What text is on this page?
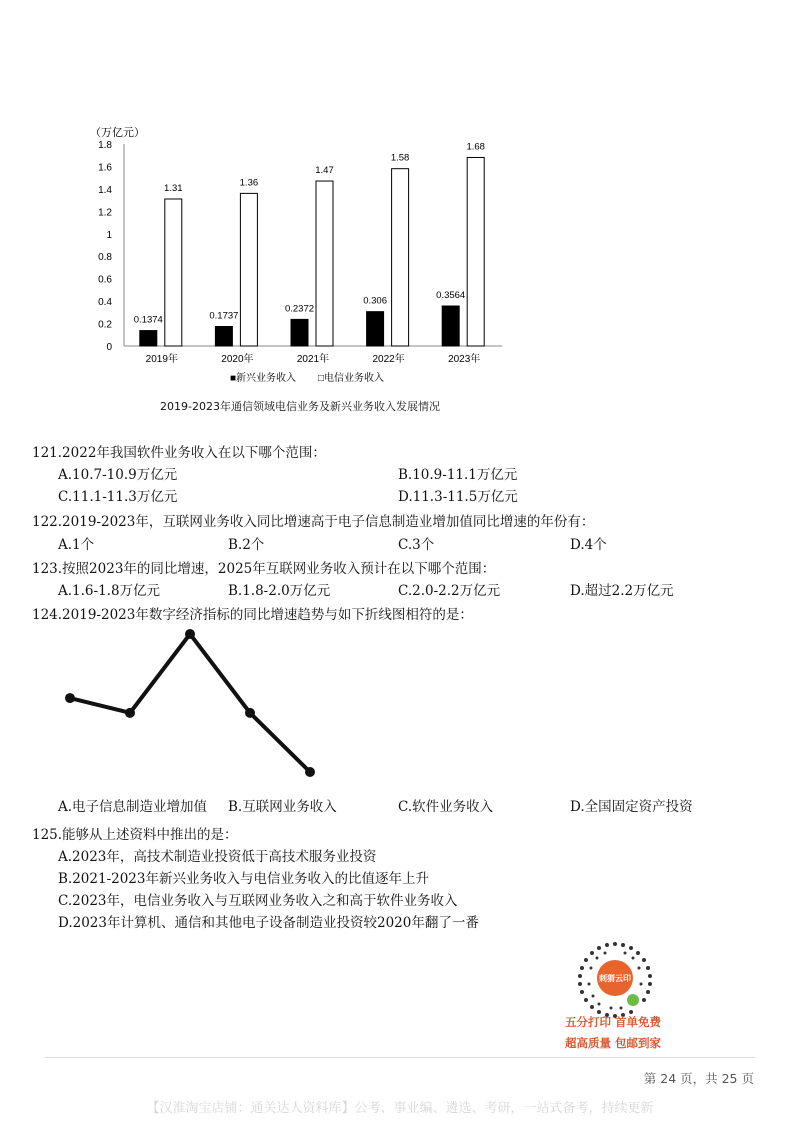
（万亿元）
0
0.2
0.4
0.6
0.8
1
1.2
1.4
1.6
1.8
0.1374
1.31
0.1737
1.36
0.2372
1.47
0.306
1.58
0.3564
1.68
2019年	2020年	2021年	2022年	2023年
■新兴业务收入 □电信业务收入
2019-2023年通信领域电信业务及新兴业务收入发展情况
121.2022年我国软件业务收入在以下哪个范围：
A.10.7-10.9万亿元	B.10.9-11.1万亿元
C.11.1-11.3万亿元	D.11.3-11.5万亿元
122.2019-2023年，互联网业务收入同比增速高于电子信息制造业增加值同比增速的年份有：
A.1个	B.2个	C.3个	D.4个
123.按照2023年的同比增速，2025年互联网业务收入预计在以下哪个范围：
A.1.6-1.8万亿元	B.1.8-2.0万亿元	C.2.0-2.2万亿元	D.超过2.2万亿元
124.2019-2023年数字经济指标的同比增速趋势与如下折线图相符的是：
A.电子信息制造业增加值 B.互联网业务收入	C.软件业务收入	D.全国固定资产投资
125.能够从上述资料中推出的是：
A.2023年，高技术制造业投资低于高技术服务业投资
B.2021-2023年新兴业务收入与电信业务收入的比值逐年上升
C.2023年，电信业务收入与互联网业务收入之和高于软件业务收入
D.2023年计算机、通信和其他电子设备制造业投资较2020年翻了一番
刺猬云印
五分打印 首单免费
超高质量 包邮到家
第 24 页，共 25 页
【汉淮淘宝店铺：通关达人资料库】公考、事业编、遴选、考研，一站式备考，持续更新
